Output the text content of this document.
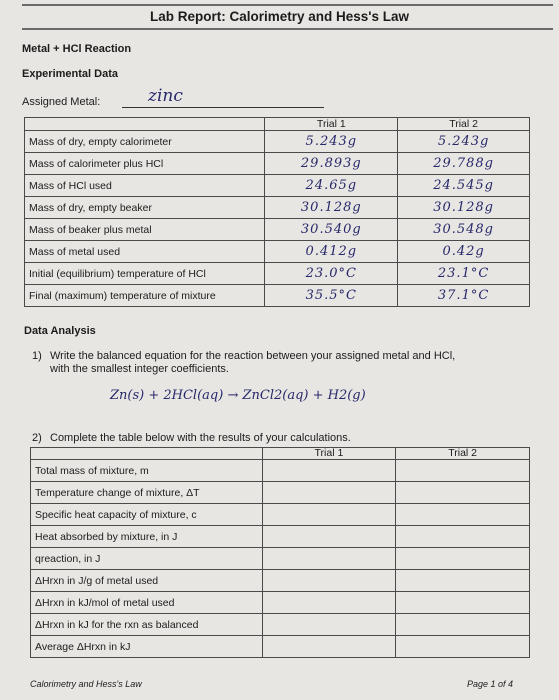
Lab Report: Calorimetry and Hess's Law
Metal + HCl Reaction
Experimental Data
Assigned Metal:	zinc
	Trial 1	Trial 2
Mass of dry, empty calorimeter	5.243g	5.243g
Mass of calorimeter plus HCl	29.893g	29.788g
Mass of HCl used	24.65g	24.545g
Mass of dry, empty beaker	30.128g	30.128g
Mass of beaker plus metal	30.540g	30.548g
Mass of metal used	0.412g	0.42g
Initial (equilibrium) temperature of HCl	23.0°C	23.1°C
Final (maximum) temperature of mixture	35.5°C	37.1°C
Data Analysis
1) Write the balanced equation for the reaction between your assigned metal and HCl,
with the smallest integer coefficients.
Zn(s) + 2HCl(aq) → ZnCl2(aq) + H2(g)
2) Complete the table below with the results of your calculations.
	Trial 1	Trial 2
Total mass of mixture, m		
Temperature change of mixture, ΔT		
Specific heat capacity of mixture, c		
Heat absorbed by mixture, in J		
qreaction, in J		
ΔHrxn in J/g of metal used		
ΔHrxn in kJ/mol of metal used		
ΔHrxn in kJ for the rxn as balanced		
Average ΔHrxn in kJ		
Calorimetry and Hess's Law	Page 1 of 4
